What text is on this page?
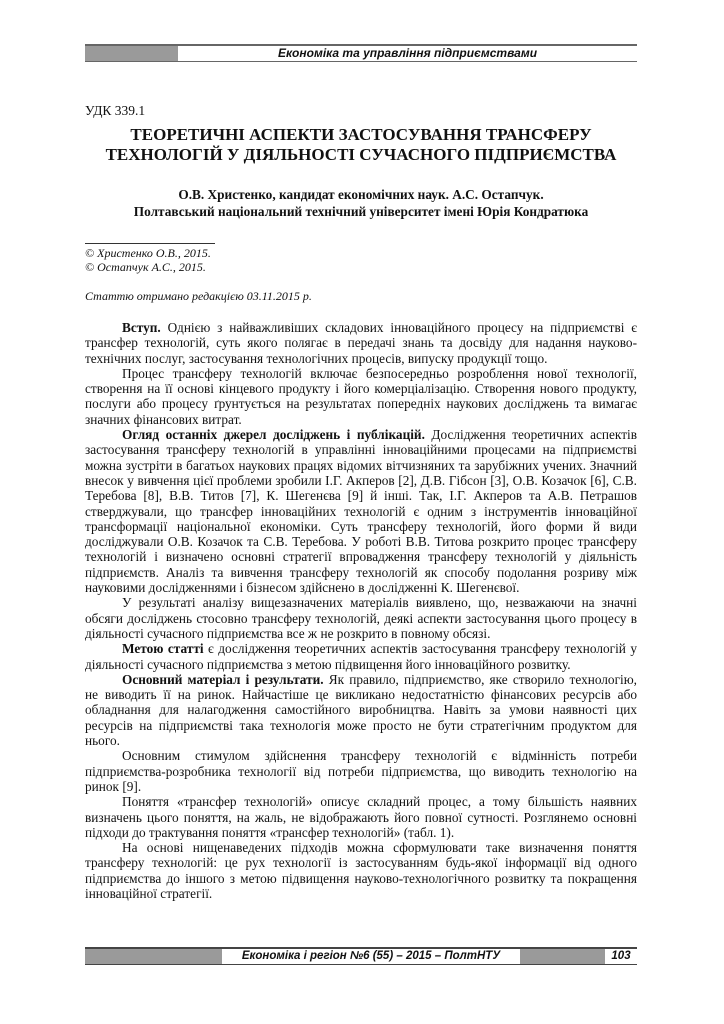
Економіка та управління підприємствами
УДК 339.1
ТЕОРЕТИЧНІ АСПЕКТИ ЗАСТОСУВАННЯ ТРАНСФЕРУ
ТЕХНОЛОГІЙ У ДІЯЛЬНОСТІ СУЧАСНОГО ПІДПРИЄМСТВА
О.В. Христенко, кандидат економічних наук. А.С. Остапчук.
Полтавський національний технічний університет імені Юрія Кондратюка
© Христенко О.В., 2015.
© Остапчук А.С., 2015.
Статтю отримано редакцією 03.11.2015 р.

Вступ. Однією з найважливіших складових інноваційного процесу на підприємстві є трансфер технологій, суть якого полягає в передачі знань та досвіду для надання науково-технічних послуг, застосування технологічних процесів, випуску продукції тощо.

Процес трансферу технологій включає безпосередньо розроблення нової технології, створення на її основі кінцевого продукту і його комерціалізацію. Створення нового продукту, послуги або процесу ґрунтується на результатах попередніх наукових досліджень та вимагає значних фінансових витрат.

Огляд останніх джерел досліджень і публікацій. Дослідження теоретичних аспектів застосування трансферу технологій в управлінні інноваційними процесами на підприємстві можна зустріти в багатьох наукових працях відомих вітчизняних та зарубіжних учених. Значний внесок у вивчення цієї проблеми зробили І.Г. Акперов [2], Д.В. Гібсон [3], О.В. Козачок [6], С.В. Теребова [8], В.В. Титов [7], К. Шегенєва [9] й інші. Так, І.Г. Акперов та А.В. Петрашов стверджували, що трансфер інноваційних технологій є одним з інструментів інноваційної трансформації національної економіки. Суть трансферу технологій, його форми й види досліджували О.В. Козачок та С.В. Теребова. У роботі В.В. Титова розкрито процес трансферу технологій і визначено основні стратегії впровадження трансферу технологій у діяльність підприємств. Аналіз та вивчення трансферу технологій як способу подолання розриву між науковими дослідженнями і бізнесом здійснено в дослідженні К. Шегенєвої.

У результаті аналізу вищезазначених матеріалів виявлено, що, незважаючи на значні обсяги досліджень стосовно трансферу технологій, деякі аспекти застосування цього процесу в діяльності сучасного підприємства все ж не розкрито в повному обсязі.

Метою статті є дослідження теоретичних аспектів застосування трансферу технологій у діяльності сучасного підприємства з метою підвищення його інноваційного розвитку.

Основний матеріал і результати. Як правило, підприємство, яке створило технологію, не виводить її на ринок. Найчастіше це викликано недостатністю фінансових ресурсів або обладнання для налагодження самостійного виробництва. Навіть за умови наявності цих ресурсів на підприємстві така технологія може просто не бути стратегічним продуктом для нього.

Основним стимулом здійснення трансферу технологій є відмінність потреби підприємства-розробника технології від потреби підприємства, що виводить технологію на ринок [9].

Поняття «трансфер технологій» описує складний процес, а тому більшість наявних визначень цього поняття, на жаль, не відображають його повної сутності. Розглянемо основні підходи до трактування поняття «трансфер технологій» (табл. 1).

На основі нищенаведених підходів можна сформулювати таке визначення поняття трансферу технологій: це рух технології із застосуванням будь-якої інформації від одного підприємства до іншого з метою підвищення науково-технологічного розвитку та покращення інноваційної стратегії.

Економіка і регіон №6 (55) – 2015 – ПолтНТУ	103
